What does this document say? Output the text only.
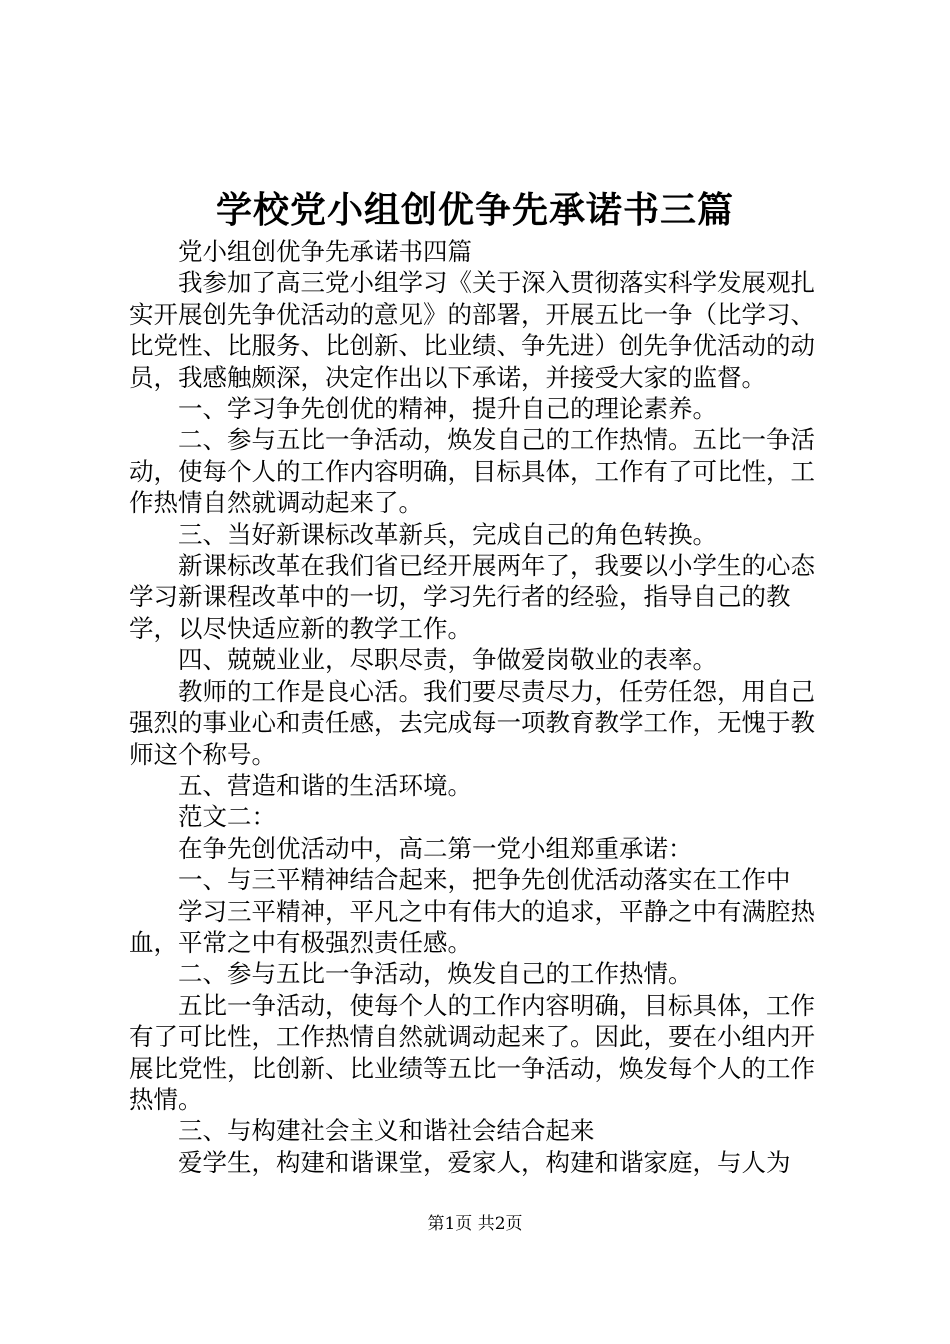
学校党小组创优争先承诺书三篇

党小组创优争先承诺书四篇

我参加了高三党小组学习《关于深入贯彻落实科学发展观扎实开展创先争优活动的意见》的部署，开展五比一争（比学习、比党性、比服务、比创新、比业绩、争先进）创先争优活动的动员，我感触颇深，决定作出以下承诺，并接受大家的监督。

一、学习争先创优的精神，提升自己的理论素养。

二、参与五比一争活动，焕发自己的工作热情。五比一争活动，使每个人的工作内容明确，目标具体，工作有了可比性，工作热情自然就调动起来了。

三、当好新课标改革新兵，完成自己的角色转换。

新课标改革在我们省已经开展两年了，我要以小学生的心态学习新课程改革中的一切，学习先行者的经验，指导自己的教学，以尽快适应新的教学工作。

四、兢兢业业，尽职尽责，争做爱岗敬业的表率。

教师的工作是良心活。我们要尽责尽力，任劳任怨，用自己强烈的事业心和责任感，去完成每一项教育教学工作，无愧于教师这个称号。

五、营造和谐的生活环境。

范文二：

在争先创优活动中，高二第一党小组郑重承诺：

一、与三平精神结合起来，把争先创优活动落实在工作中

学习三平精神，平凡之中有伟大的追求，平静之中有满腔热血，平常之中有极强烈责任感。

二、参与五比一争活动，焕发自己的工作热情。

五比一争活动，使每个人的工作内容明确，目标具体，工作有了可比性，工作热情自然就调动起来了。因此，要在小组内开展比党性，比创新、比业绩等五比一争活动，焕发每个人的工作热情。

三、与构建社会主义和谐社会结合起来

爱学生，构建和谐课堂，爱家人，构建和谐家庭，与人为

第1页 共2页
